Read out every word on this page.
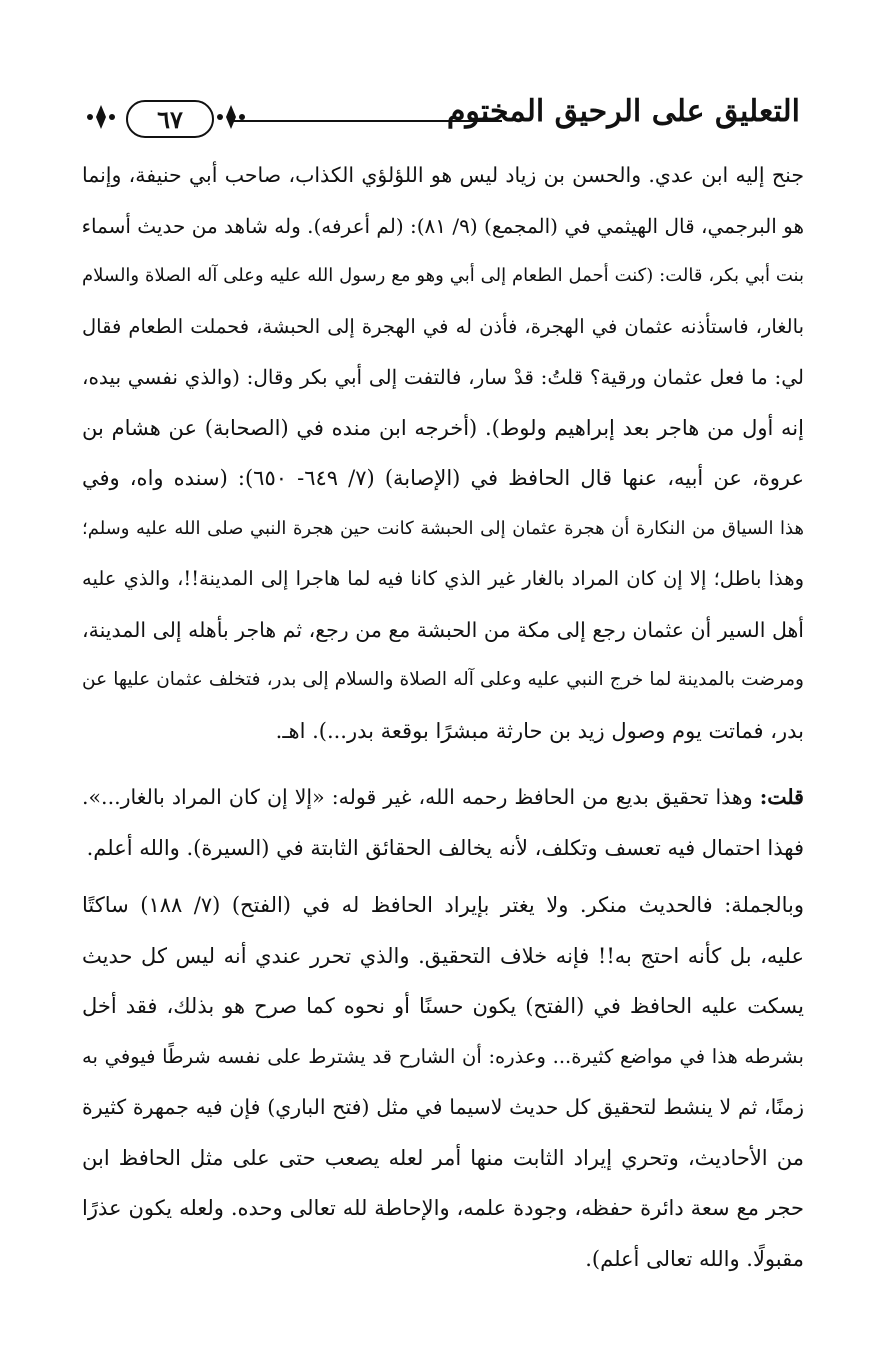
التعليق على الرحيق المختوم
٦٧
جنح إليه ابن عدي. والحسن بن زياد ليس هو اللؤلؤي الكذاب، صاحب أبي حنيفة، وإنما
هو البرجمي، قال الهيثمي في (المجمع) (٩/ ٨١): (لم أعرفه). وله شاهد من حديث أسماء
بنت أبي بكر، قالت: (كنت أحمل الطعام إلى أبي وهو مع رسول الله عليه وعلى آله الصلاة والسلام
بالغار، فاستأذنه عثمان في الهجرة، فأذن له في الهجرة إلى الحبشة، فحملت الطعام فقال
لي: ما فعل عثمان ورقية؟ قلتُ: قدْ سار، فالتفت إلى أبي بكر وقال: (والذي نفسي بيده،
إنه أول من هاجر بعد إبراهيم ولوط). (أخرجه ابن منده في (الصحابة) عن هشام بن
عروة، عن أبيه، عنها قال الحافظ في (الإصابة) (٧/ ٦٤٩- ٦٥٠): (سنده واه، وفي
هذا السياق من النكارة أن هجرة عثمان إلى الحبشة كانت حين هجرة النبي صلى الله عليه وسلم؛
وهذا باطل؛ إلا إن كان المراد بالغار غير الذي كانا فيه لما هاجرا إلى المدينة!!، والذي عليه
أهل السير أن عثمان رجع إلى مكة من الحبشة مع من رجع، ثم هاجر بأهله إلى المدينة،
ومرضت بالمدينة لما خرج النبي عليه وعلى آله الصلاة والسلام إلى بدر، فتخلف عثمان عليها عن
بدر، فماتت يوم وصول زيد بن حارثة مبشرًا بوقعة بدر...). اهـ.
قلت: وهذا تحقيق بديع من الحافظ رحمه الله، غير قوله: «إلا إن كان المراد بالغار...».
فهذا احتمال فيه تعسف وتكلف، لأنه يخالف الحقائق الثابتة في (السيرة). والله أعلم.
وبالجملة: فالحديث منكر. ولا يغتر بإيراد الحافظ له في (الفتح) (٧/ ١٨٨) ساكتًا
عليه، بل كأنه احتج به!! فإنه خلاف التحقيق. والذي تحرر عندي أنه ليس كل حديث
يسكت عليه الحافظ في (الفتح) يكون حسنًا أو نحوه كما صرح هو بذلك، فقد أخل
بشرطه هذا في مواضع كثيرة... وعذره: أن الشارح قد يشترط على نفسه شرطًا فيوفي به
زمنًا، ثم لا ينشط لتحقيق كل حديث لاسيما في مثل (فتح الباري) فإن فيه جمهرة كثيرة
من الأحاديث، وتحري إيراد الثابت منها أمر لعله يصعب حتى على مثل الحافظ ابن
حجر مع سعة دائرة حفظه، وجودة علمه، والإحاطة لله تعالى وحده. ولعله يكون عذرًا
مقبولًا. والله تعالى أعلم).
